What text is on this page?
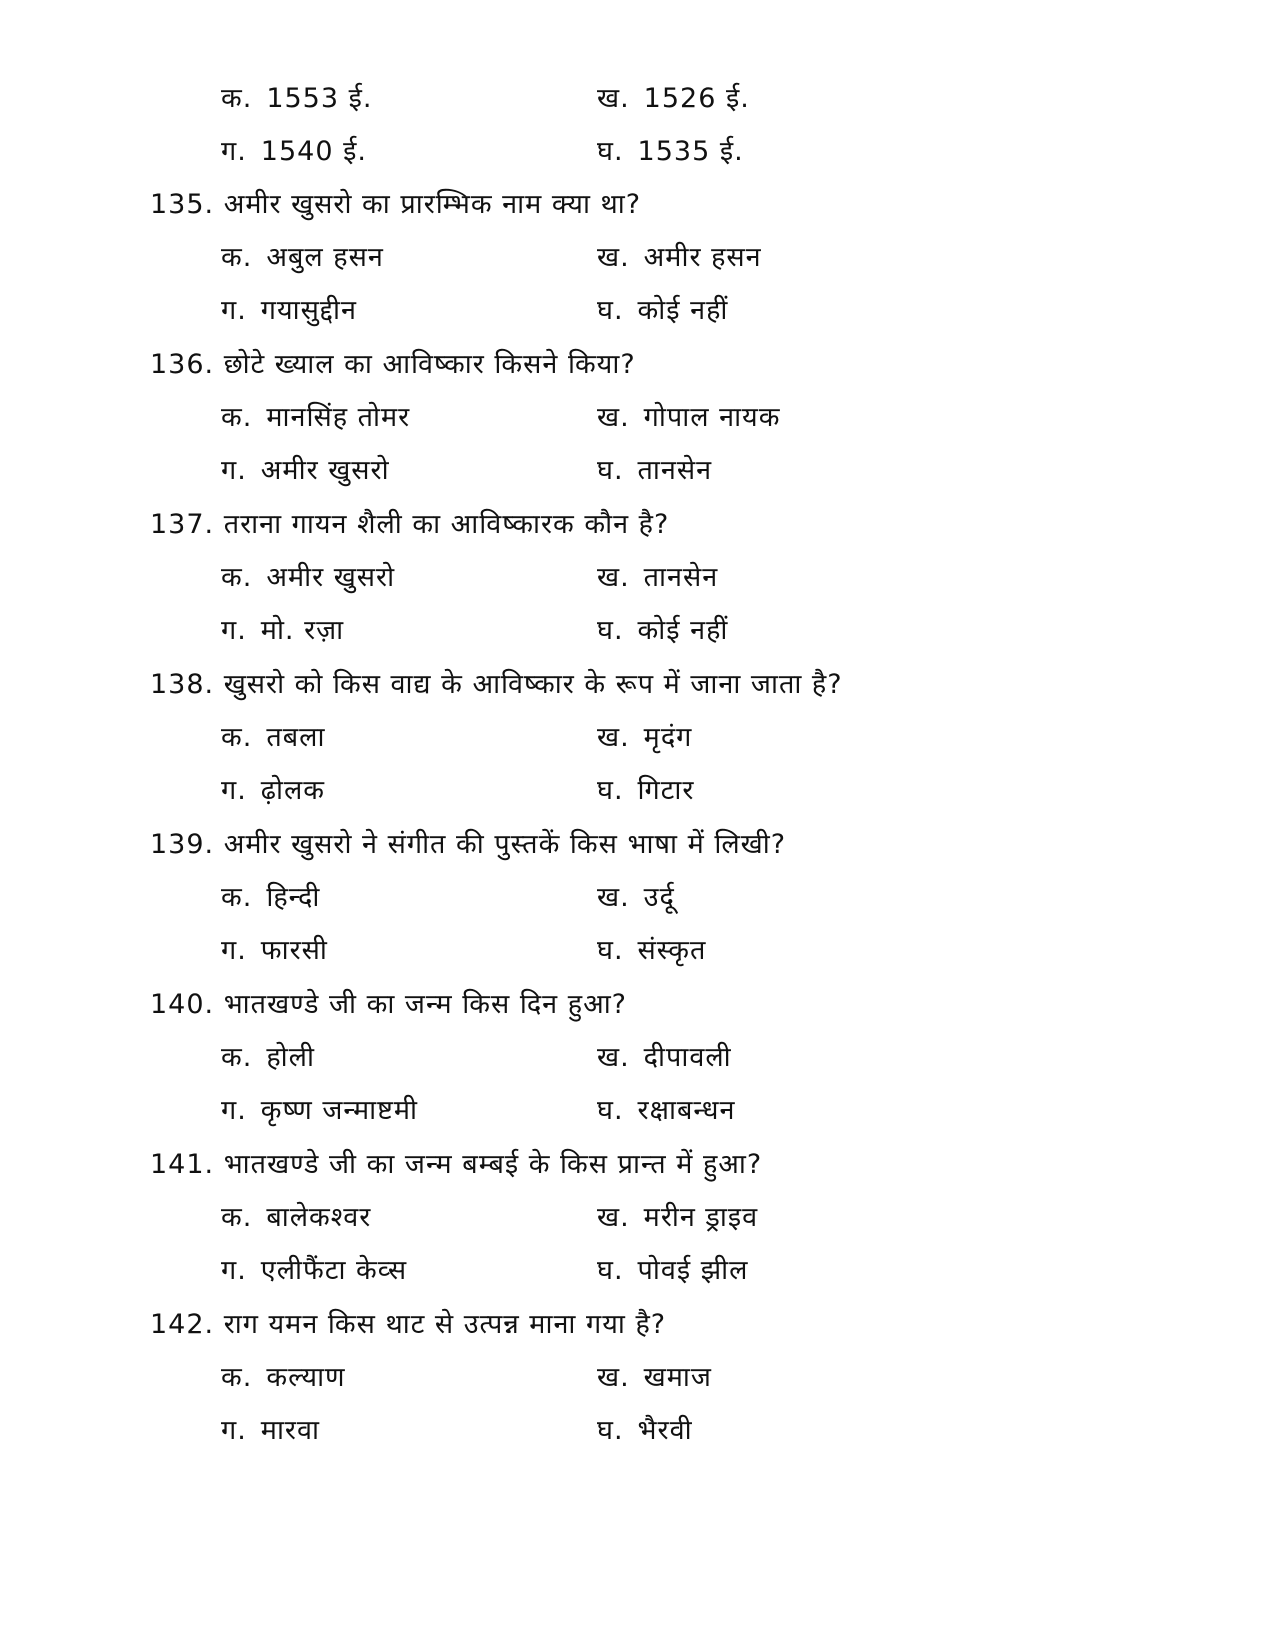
क. 1553 ई.	ख. 1526 ई.
ग. 1540 ई.	घ. 1535 ई.
135. अमीर खुसरो का प्रारम्भिक नाम क्या था?
क. अबुल हसन	ख. अमीर हसन
ग. गयासुद्दीन	घ. कोई नहीं
136. छोटे ख्याल का आविष्कार किसने किया?
क. मानसिंह तोमर	ख. गोपाल नायक
ग. अमीर खुसरो	घ. तानसेन
137. तराना गायन शैली का आविष्कारक कौन है?
क. अमीर खुसरो	ख. तानसेन
ग. मो. रज़ा	घ. कोई नहीं
138. खुसरो को किस वाद्य के आविष्कार के रूप में जाना जाता है?
क. तबला	ख. मृदंग
ग. ढ़ोलक	घ. गिटार
139. अमीर खुसरो ने संगीत की पुस्तकें किस भाषा में लिखी?
क. हिन्दी	ख. उर्दू
ग. फारसी	घ. संस्कृत
140. भातखण्डे जी का जन्म किस दिन हुआ?
क. होली	ख. दीपावली
ग. कृष्ण जन्माष्टमी	घ. रक्षाबन्धन
141. भातखण्डे जी का जन्म बम्बई के किस प्रान्त में हुआ?
क. बालेकश्वर	ख. मरीन ड्राइव
ग. एलीफैंटा केव्स	घ. पोवई झील
142. राग यमन किस थाट से उत्पन्न माना गया है?
क. कल्याण	ख. खमाज
ग. मारवा	घ. भैरवी
